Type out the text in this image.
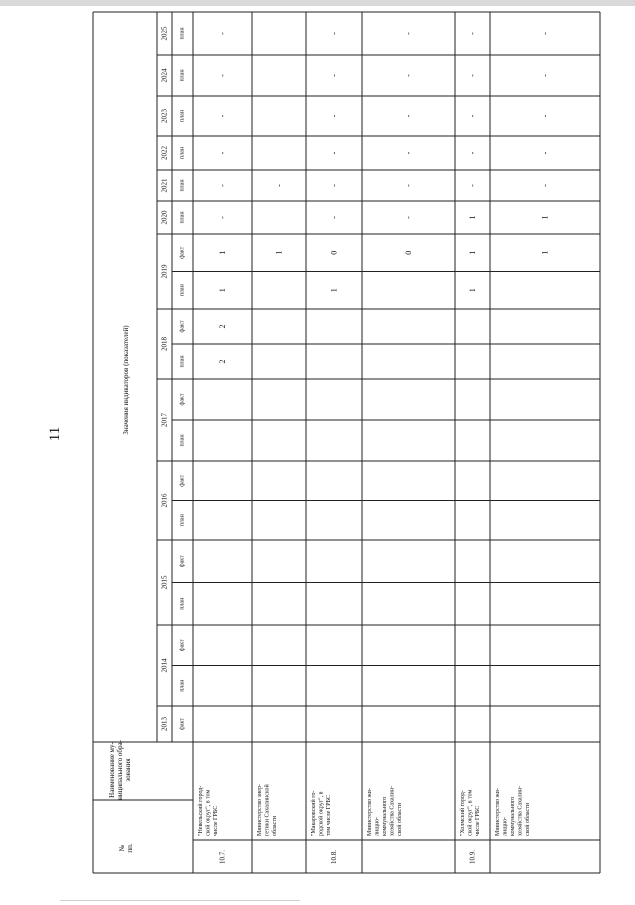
11
№ пп.
Наименование му- ниципального обра- зования
Значения индикаторов (показателей)
2013 факт
2014
план
факт
2015
план
факт
2016
план
факт
2017
план
факт
2018
план
факт
2019
план
факт
2020 план
2021 план
2022 план
2023 план
2024 план
2025 план
10.7.
"Невельский город- ской округ", в том числе ГРБС
2
2
1
1
-
-
-
-
-
-
Министерство энер- гетики Сахалинской области
1
-
10.8.
"Макаровский го- родской округ", в том числе ГРБС
1
0
-
-
-
-
-
-
Министерство жи- лищно- коммунального хозяйства Сахалин- ской области
0
-
-
-
-
-
-
10.9.
"Холмский город- ской округ", в том числе ГРБС
1
1
1
-
-
-
-
-
Министерство жи- лищно- коммунального хозяйства Сахалин- ской области
1
1
-
-
-
-
-
